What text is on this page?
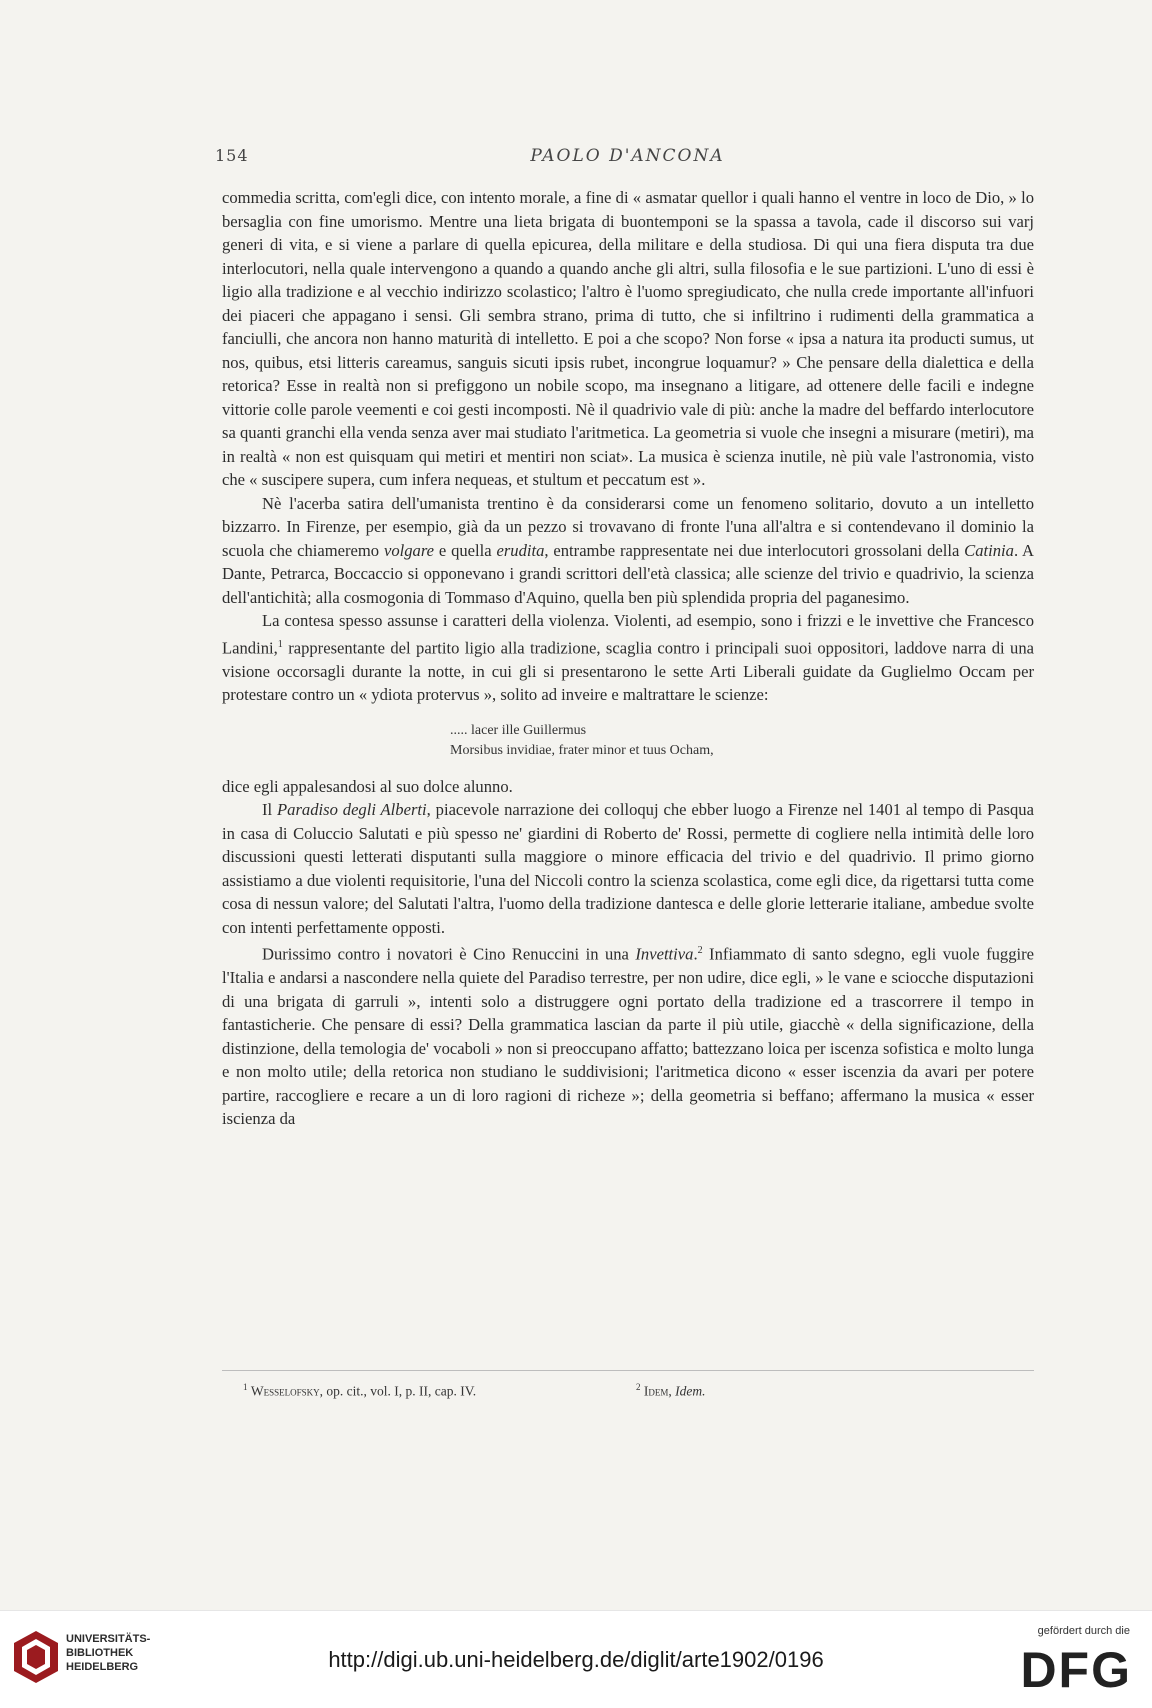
154	PAOLO D'ANCONA

commedia scritta, com'egli dice, con intento morale, a fine di « asmatar quellor i quali hanno el ventre in loco de Dio, » lo bersaglia con fine umorismo. Mentre una lieta brigata di buontemponi se la spassa a tavola, cade il discorso sui varj generi di vita, e si viene a parlare di quella epicurea, della militare e della studiosa. Di qui una fiera disputa tra due interlocutori, nella quale intervengono a quando a quando anche gli altri, sulla filosofia e le sue partizioni. L'uno di essi è ligio alla tradizione e al vecchio indirizzo scolastico; l'altro è l'uomo spregiudicato, che nulla crede importante all'infuori dei piaceri che appagano i sensi. Gli sembra strano, prima di tutto, che si infiltrino i rudimenti della grammatica a fanciulli, che ancora non hanno maturità di intelletto. E poi a che scopo? Non forse « ipsa a natura ita producti sumus, ut nos, quibus, etsi litteris careamus, sanguis sicuti ipsis rubet, incongrue loquamur? » Che pensare della dialettica e della retorica? Esse in realtà non si prefiggono un nobile scopo, ma insegnano a litigare, ad ottenere delle facili e indegne vittorie colle parole veementi e coi gesti incomposti. Nè il quadrivio vale di più: anche la madre del beffardo interlocutore sa quanti granchi ella venda senza aver mai studiato l'aritmetica. La geometria si vuole che insegni a misurare (metiri), ma in realtà « non est quisquam qui metiri et mentiri non sciat». La musica è scienza inutile, nè più vale l'astronomia, visto che « suscipere supera, cum infera nequeas, et stultum et peccatum est ».

Nè l'acerba satira dell'umanista trentino è da considerarsi come un fenomeno solitario, dovuto a un intelletto bizzarro. In Firenze, per esempio, già da un pezzo si trovavano di fronte l'una all'altra e si contendevano il dominio la scuola che chiameremo volgare e quella erudita, entrambe rappresentate nei due interlocutori grossolani della Catinia. A Dante, Petrarca, Boccaccio si opponevano i grandi scrittori dell'età classica; alle scienze del trivio e quadrivio, la scienza dell'antichità; alla cosmogonia di Tommaso d'Aquino, quella ben più splendida propria del paganesimo.

La contesa spesso assunse i caratteri della violenza. Violenti, ad esempio, sono i frizzi e le invettive che Francesco Landini,$^1$ rappresentante del partito ligio alla tradizione, scaglia contro i principali suoi oppositori, laddove narra di una visione occorsagli durante la notte, in cui gli si presentarono le sette Arti Liberali guidate da Guglielmo Occam per protestare contro un « ydiota protervus », solito ad inveire e maltrattare le scienze:

..... lacer ille Guillermus
Morsibus invidiae, frater minor et tuus Ocham,

dice egli appalesandosi al suo dolce alunno.

Il Paradiso degli Alberti, piacevole narrazione dei colloquj che ebber luogo a Firenze nel 1401 al tempo di Pasqua in casa di Coluccio Salutati e più spesso ne' giardini di Roberto de' Rossi, permette di cogliere nella intimità delle loro discussioni questi letterati disputanti sulla maggiore o minore efficacia del trivio e del quadrivio. Il primo giorno assistiamo a due violenti requisitorie, l'una del Niccoli contro la scienza scolastica, come egli dice, da rigettarsi tutta come cosa di nessun valore; del Salutati l'altra, l'uomo della tradizione dantesca e delle glorie letterarie italiane, ambedue svolte con intenti perfettamente opposti.

Durissimo contro i novatori è Cino Renuccini in una Invettiva.$^2$ Infiammato di santo sdegno, egli vuole fuggire l'Italia e andarsi a nascondere nella quiete del Paradiso terrestre, per non udire, dice egli, » le vane e sciocche disputazioni di una brigata di garruli », intenti solo a distruggere ogni portato della tradizione ed a trascorrere il tempo in fantasticherie. Che pensare di essi? Della grammatica lascian da parte il più utile, giacchè « della significazione, della distinzione, della temologia de' vocaboli » non si preoccupano affatto; battezzano loica per iscenza sofistica e molto lunga e non molto utile; della retorica non studiano le suddivisioni; l'aritmetica dicono « esser iscenzia da avari per potere partire, raccogliere e recare a un di loro ragioni di richeze »; della geometria si beffano; affermano la musica « esser iscienza da

$^1$ Wesselofsky, op. cit., vol. I, p. II, cap. IV.	$^2$ Idem, Idem.
UNIVERSITÄTS-
BIBLIOTHEK
HEIDELBERG	http://digi.ub.uni-heidelberg.de/diglit/arte1902/0196
gefördert durch die
DFG
